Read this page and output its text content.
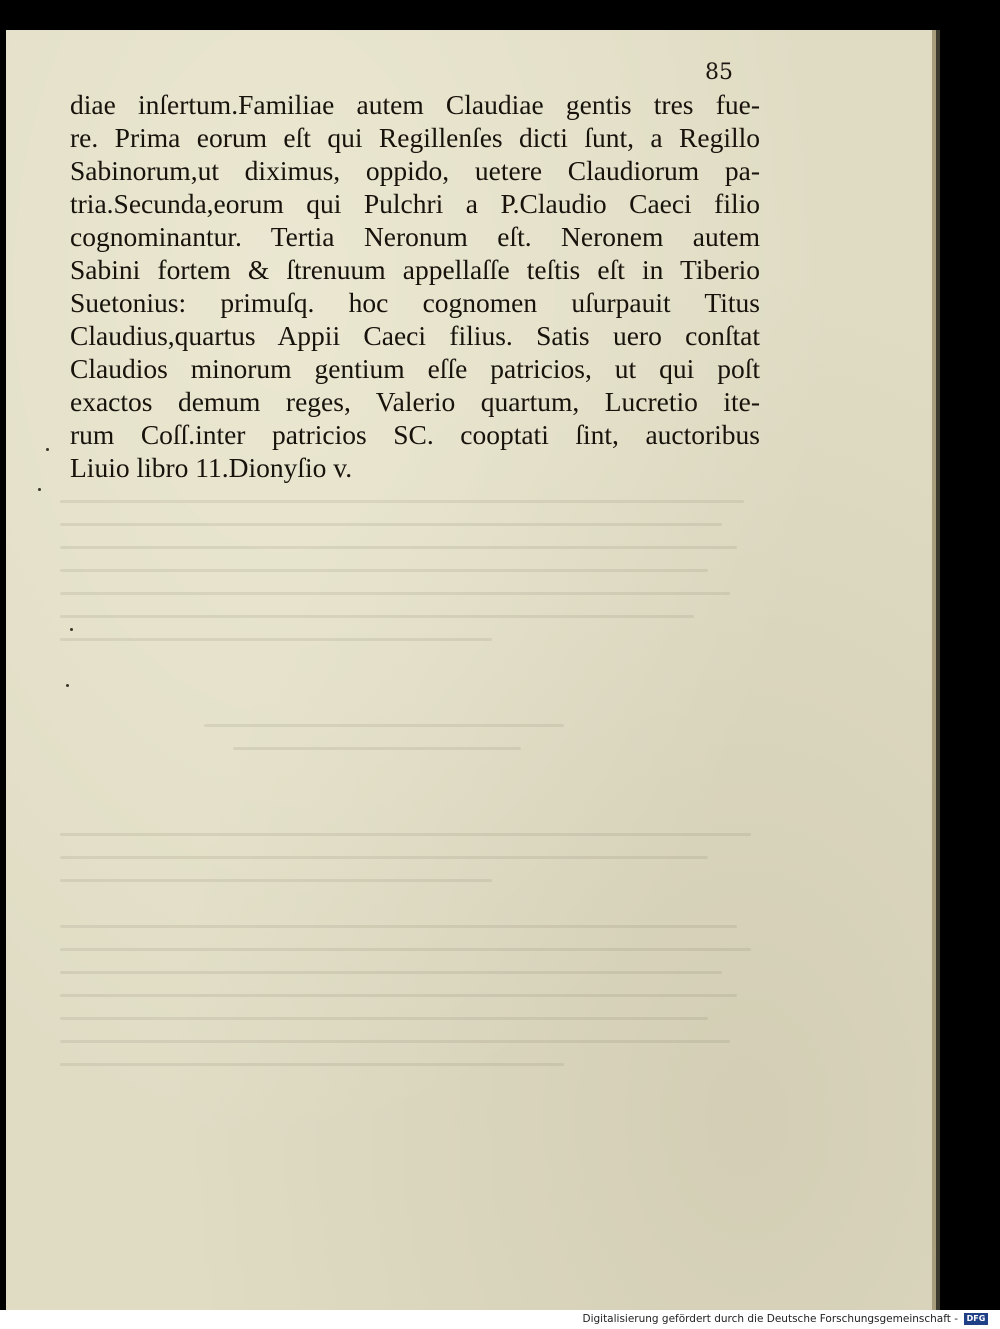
85

diae inſertum.Familiae autem Claudiae gentis tres fue-
re. Prima eorum eſt qui Regillenſes dicti ſunt, a Regillo
Sabinorum,ut diximus, oppido, uetere Claudiorum pa-
tria.Secunda,eorum qui Pulchri a P.Claudio Caeci filio
cognominantur. Tertia Neronum eſt. Neronem autem
Sabini fortem & ſtrenuum appellaſſe teſtis eſt in Tiberio
Suetonius: primuſq. hoc cognomen uſurpauit Titus
Claudius,quartus Appii Caeci filius. Satis uero conſtat
Claudios minorum gentium eſſe patricios, ut qui poſt
exactos demum reges, Valerio quartum, Lucretio ite-
rum Coſſ.inter patricios SC. cooptati ſint, auctoribus
Liuio libro 11.Dionyſio v.

Digitalisierung gefördert durch die Deutsche Forschungsgemeinschaft -	DFG
